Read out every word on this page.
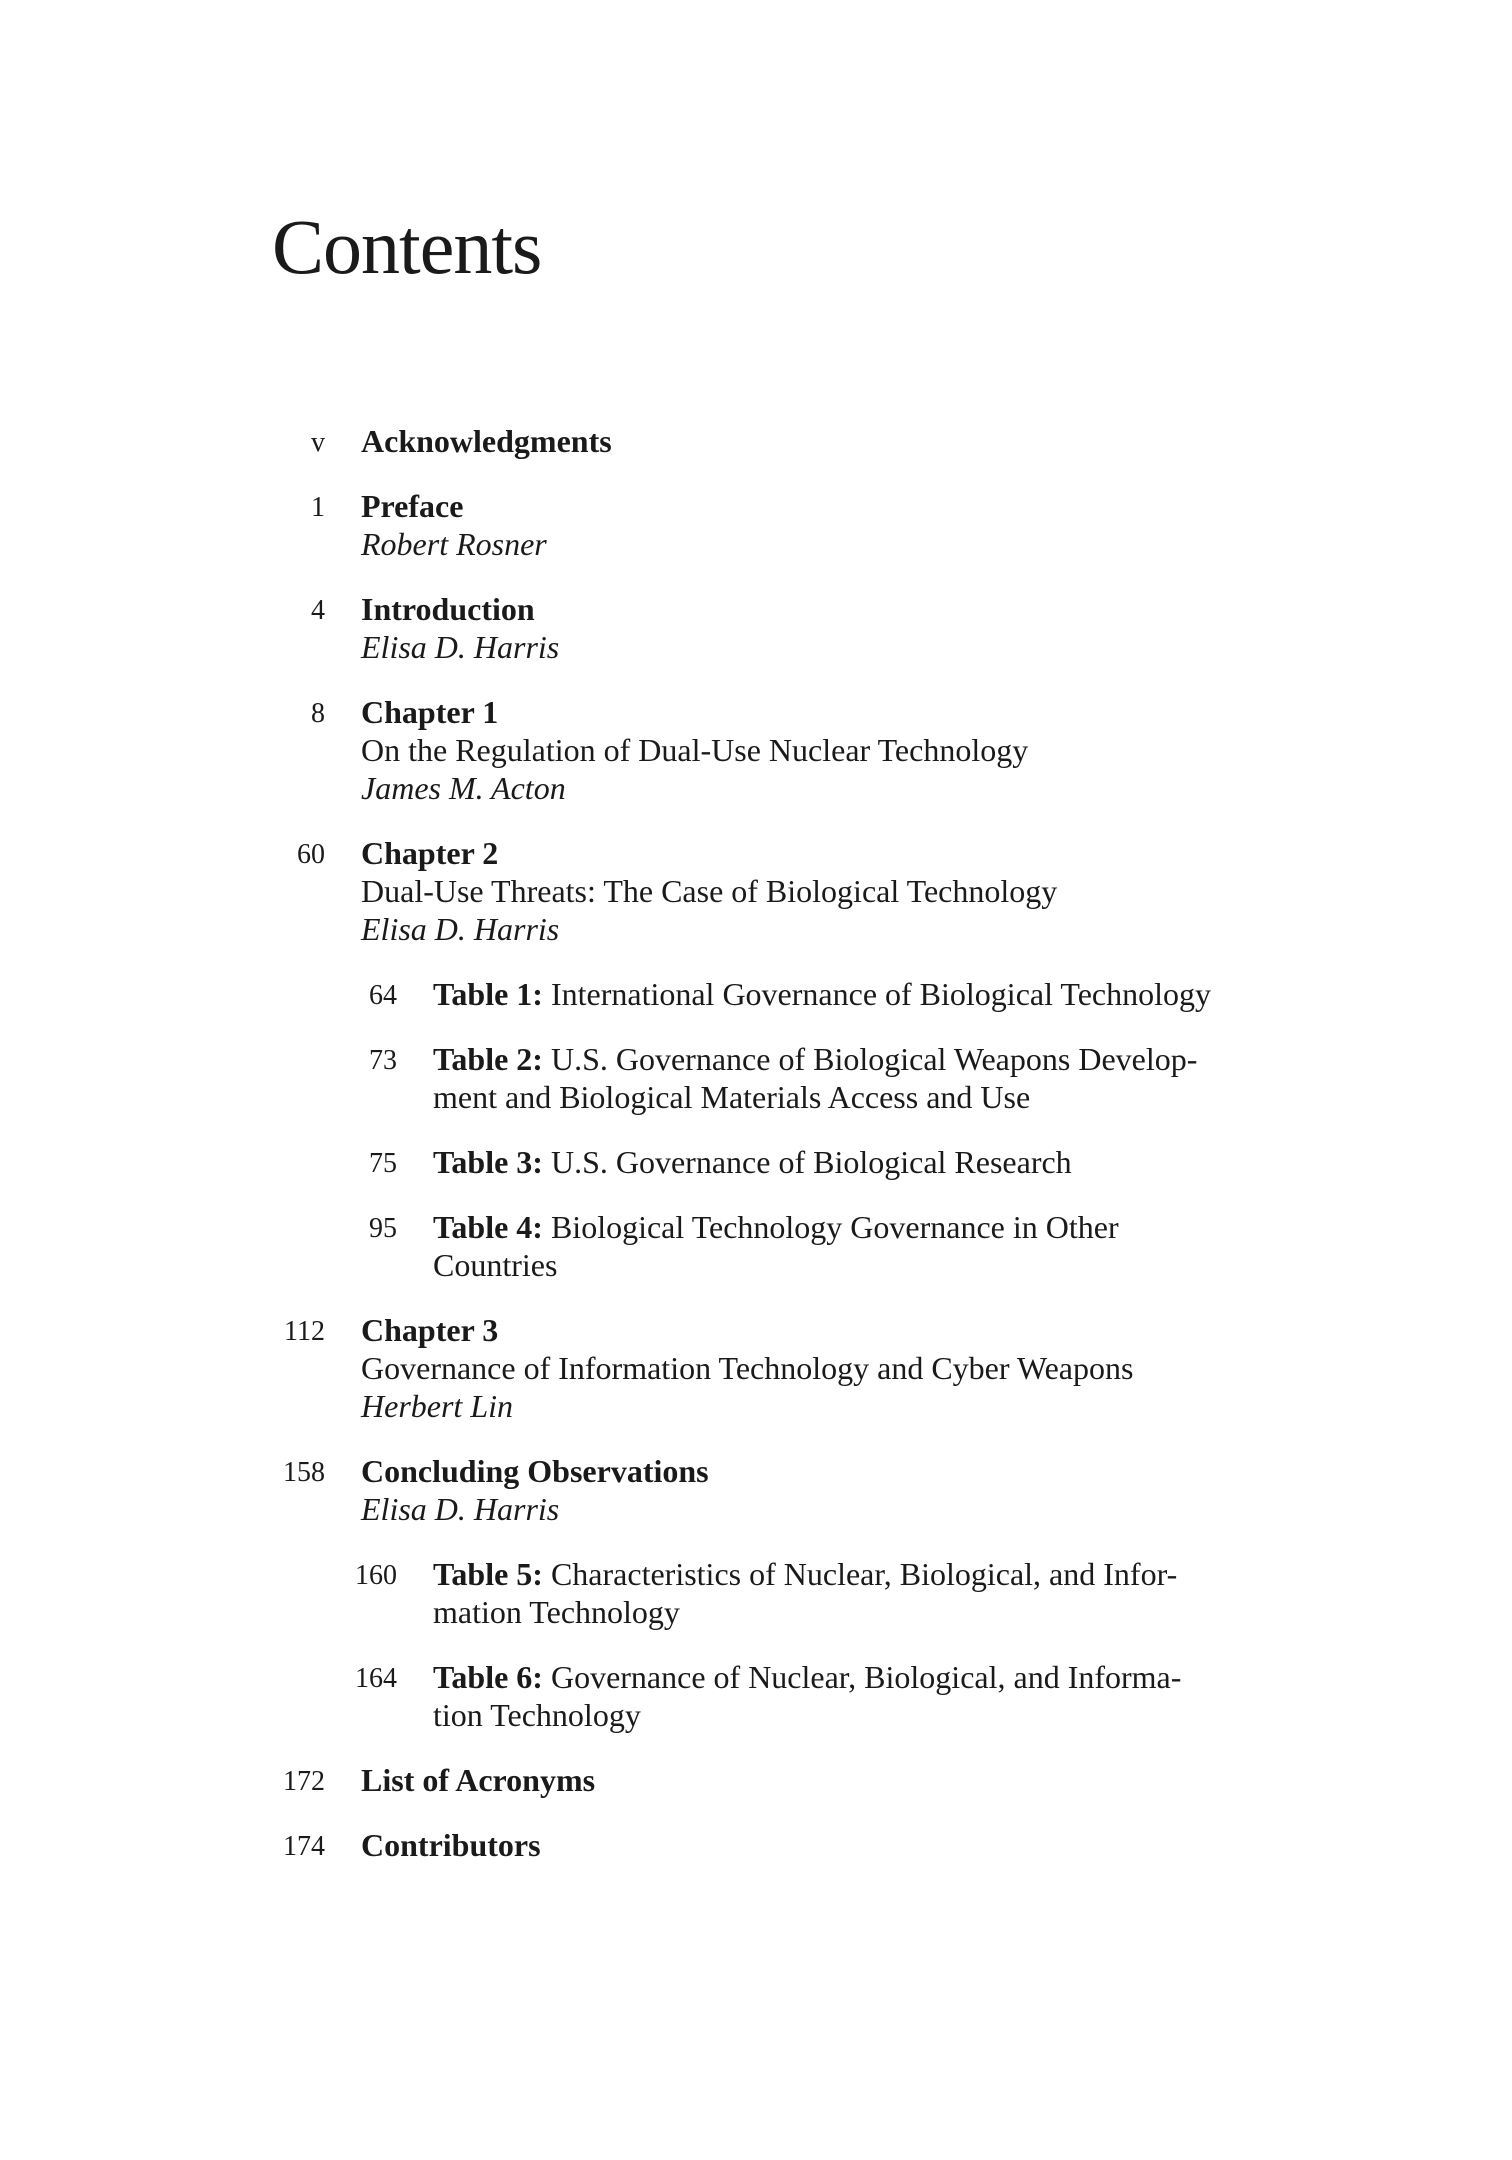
Contents
v Acknowledgments
1 Preface
Robert Rosner
4 Introduction
Elisa D. Harris
8 Chapter 1
On the Regulation of Dual-Use Nuclear Technology
James M. Acton
60 Chapter 2
Dual-Use Threats: The Case of Biological Technology
Elisa D. Harris
64 Table 1: International Governance of Biological Technology
73 Table 2: U.S. Governance of Biological Weapons Develop-
ment and Biological Materials Access and Use
75 Table 3: U.S. Governance of Biological Research
95 Table 4: Biological Technology Governance in Other
Countries
112 Chapter 3
Governance of Information Technology and Cyber Weapons
Herbert Lin
158 Concluding Observations
Elisa D. Harris
160 Table 5: Characteristics of Nuclear, Biological, and Infor-
mation Technology
164 Table 6: Governance of Nuclear, Biological, and Informa-
tion Technology
172 List of Acronyms
174 Contributors
